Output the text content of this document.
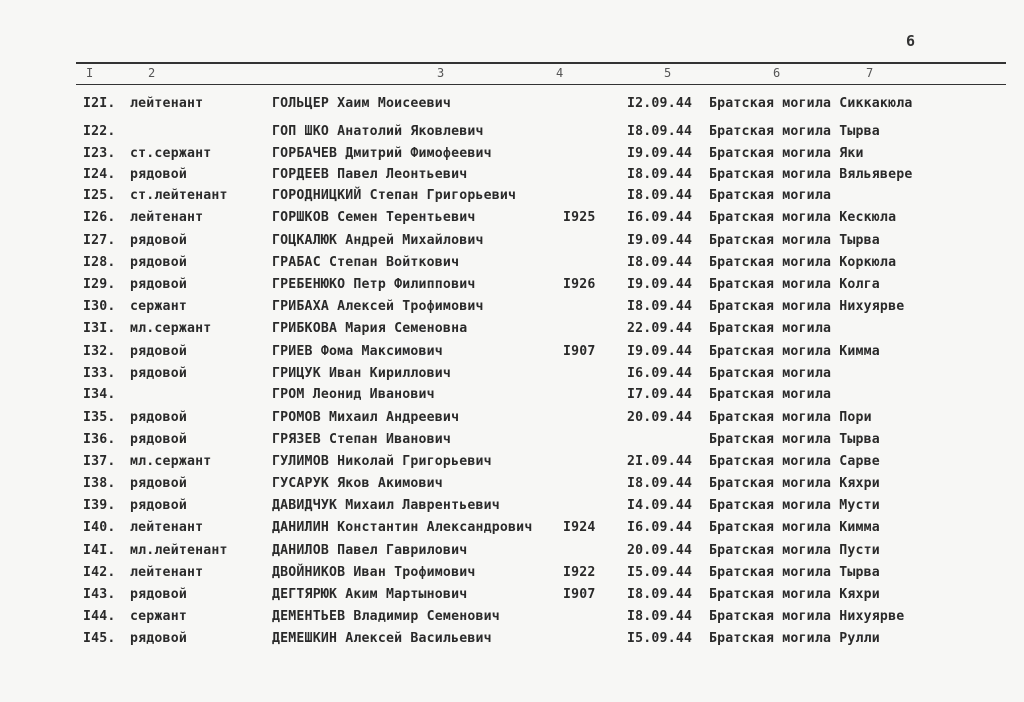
6
I	2	3	4	5	6	7
I2I. лейтенант	ГОЛЬЦЕР Хаим Моисеевич	I2.09.44 Братская могила Сиккакюла
I22.	ГОП ШКО Анатолий Яковлевич	I8.09.44 Братская могила Тырва
I23. ст.сержант	ГОРБАЧЕВ Дмитрий Фимофеевич	I9.09.44 Братская могила Яки
I24. рядовой	ГОРДЕЕВ Павел Леонтьевич	I8.09.44 Братская могила Вяльявере
I25. ст.лейтенант	ГОРОДНИЦКИЙ Степан Григорьевич	I8.09.44 Братская могила
I26. лейтенант	ГОРШКОВ Семен Терентьевич	I925 I6.09.44 Братская могила Кескюла
I27. рядовой	ГОЦКАЛЮК Андрей Михайлович	I9.09.44 Братская могила Тырва
I28. рядовой	ГРАБАС Степан Войткович	I8.09.44 Братская могила Коркюла
I29. рядовой	ГРЕБЕНЮКО Петр Филиппович	I926 I9.09.44 Братская могила Колга
I30. сержант	ГРИБАХА Алексей Трофимович	I8.09.44 Братская могила Нихуярве
I3I. мл.сержант	ГРИБКОВА Мария Семеновна	22.09.44 Братская могила
I32. рядовой	ГРИЕВ Фома Максимович	I907 I9.09.44 Братская могила Кимма
I33. рядовой	ГРИЦУК Иван Кириллович	I6.09.44 Братская могила
I34.	ГРОМ Леонид Иванович	I7.09.44 Братская могила
I35. рядовой	ГРОМОВ Михаил Андреевич	20.09.44 Братская могила Пори
I36. рядовой	ГРЯЗЕВ Степан Иванович	Братская могила Тырва
I37. мл.сержант	ГУЛИМОВ Николай Григорьевич	2I.09.44 Братская могила Сарве
I38. рядовой	ГУСАРУК Яков Акимович	I8.09.44 Братская могила Кяхри
I39. рядовой	ДАВИДЧУК Михаил Лаврентьевич	I4.09.44 Братская могила Мусти
I40. лейтенант	ДАНИЛИН Константин Александрович I924 I6.09.44 Братская могила Кимма
I4I. мл.лейтенант	ДАНИЛОВ Павел Гаврилович	20.09.44 Братская могила Пусти
I42. лейтенант	ДВОЙНИКОВ Иван Трофимович	I922 I5.09.44 Братская могила Тырва
I43. рядовой	ДЕГТЯРЮК Аким Мартынович	I907 I8.09.44 Братская могила Кяхри
I44. сержант	ДЕМЕНТЬЕВ Владимир Семенович	I8.09.44 Братская могила Нихуярве
I45. рядовой	ДЕМЕШКИН Алексей Васильевич	I5.09.44 Братская могила Рулли
